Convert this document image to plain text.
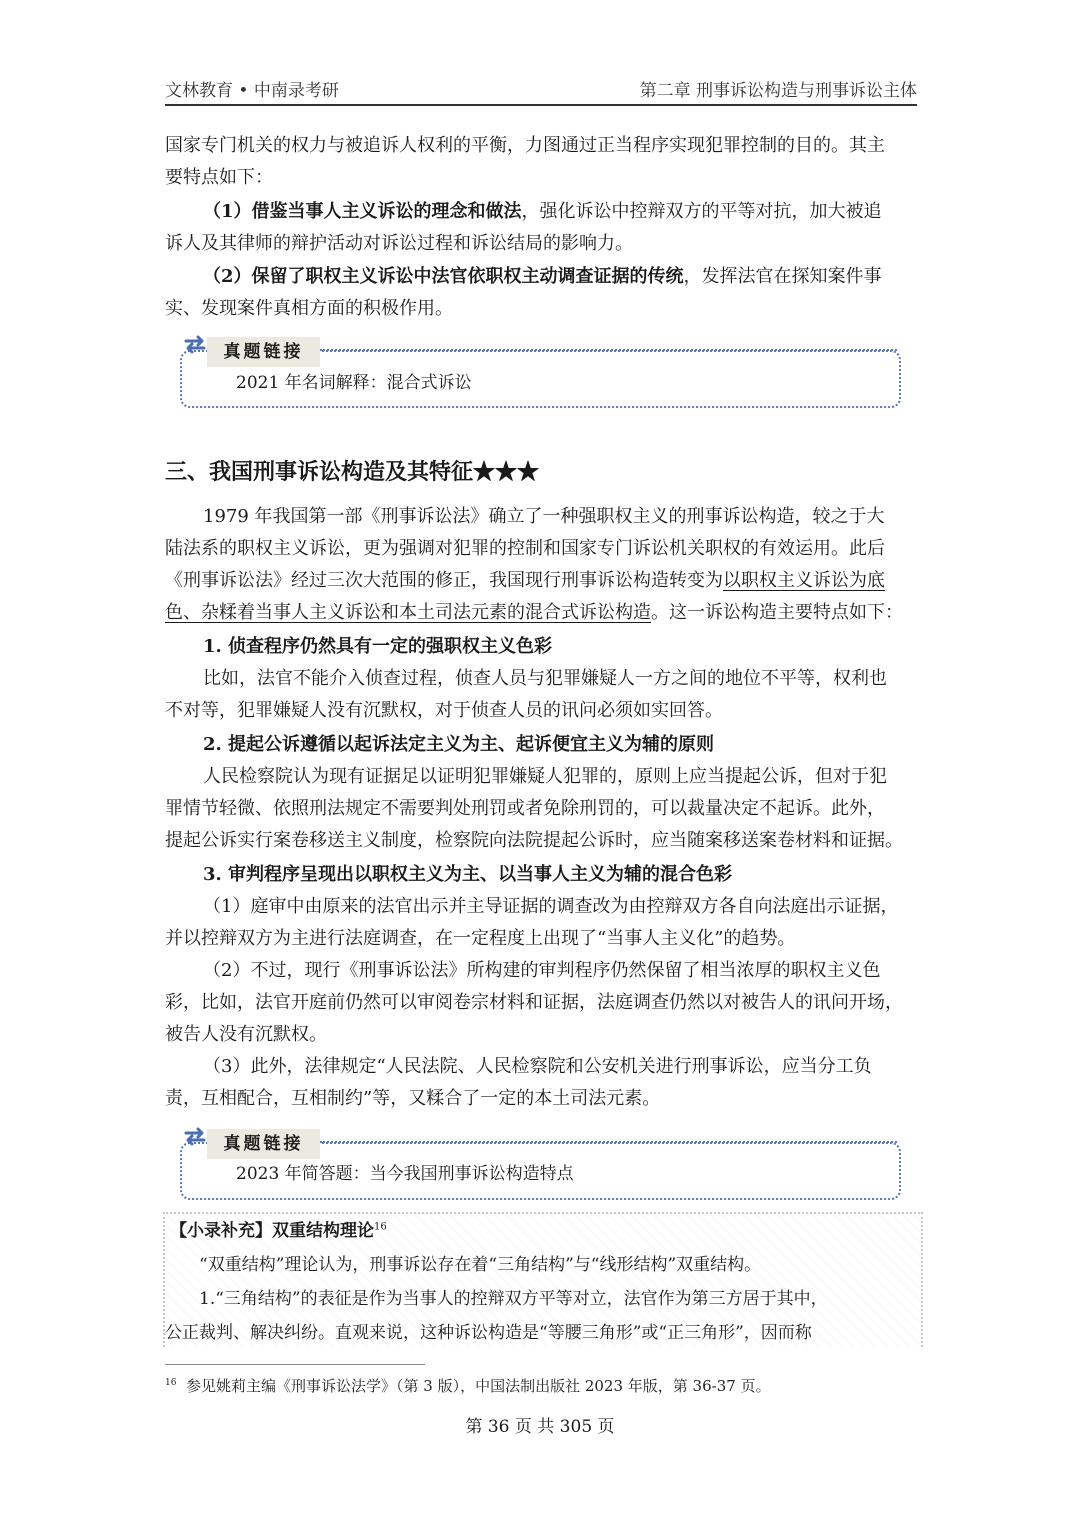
文林教育 • 中南录考研	第二章 刑事诉讼构造与刑事诉讼主体
国家专门机关的权力与被追诉人权利的平衡，力图通过正当程序实现犯罪控制的目的。其主
要特点如下：
（1）借鉴当事人主义诉讼的理念和做法，强化诉讼中控辩双方的平等对抗，加大被追
诉人及其律师的辩护活动对诉讼过程和诉讼结局的影响力。
（2）保留了职权主义诉讼中法官依职权主动调查证据的传统，发挥法官在探知案件事
实、发现案件真相方面的积极作用。
真题链接
2021 年名词解释：混合式诉讼
三、我国刑事诉讼构造及其特征★★★
1979 年我国第一部《刑事诉讼法》确立了一种强职权主义的刑事诉讼构造，较之于大
陆法系的职权主义诉讼，更为强调对犯罪的控制和国家专门诉讼机关职权的有效运用。此后
《刑事诉讼法》经过三次大范围的修正，我国现行刑事诉讼构造转变为以职权主义诉讼为底
色、杂糅着当事人主义诉讼和本土司法元素的混合式诉讼构造。这一诉讼构造主要特点如下：
1. 侦查程序仍然具有一定的强职权主义色彩
比如，法官不能介入侦查过程，侦查人员与犯罪嫌疑人一方之间的地位不平等，权利也
不对等，犯罪嫌疑人没有沉默权，对于侦查人员的讯问必须如实回答。
2. 提起公诉遵循以起诉法定主义为主、起诉便宜主义为辅的原则
人民检察院认为现有证据足以证明犯罪嫌疑人犯罪的，原则上应当提起公诉，但对于犯
罪情节轻微、依照刑法规定不需要判处刑罚或者免除刑罚的，可以裁量决定不起诉。此外，
提起公诉实行案卷移送主义制度，检察院向法院提起公诉时，应当随案移送案卷材料和证据。
3. 审判程序呈现出以职权主义为主、以当事人主义为辅的混合色彩
（1）庭审中由原来的法官出示并主导证据的调查改为由控辩双方各自向法庭出示证据，
并以控辩双方为主进行法庭调查，在一定程度上出现了“当事人主义化”的趋势。
（2）不过，现行《刑事诉讼法》所构建的审判程序仍然保留了相当浓厚的职权主义色
彩，比如，法官开庭前仍然可以审阅卷宗材料和证据，法庭调查仍然以对被告人的讯问开场，
被告人没有沉默权。
（3）此外，法律规定“人民法院、人民检察院和公安机关进行刑事诉讼，应当分工负
责，互相配合，互相制约”等，又糅合了一定的本土司法元素。
真题链接
2023 年简答题：当今我国刑事诉讼构造特点
【小录补充】双重结构理论$^{16}$
“双重结构”理论认为，刑事诉讼存在着“三角结构”与“线形结构”双重结构。
1.“三角结构”的表征是作为当事人的控辩双方平等对立，法官作为第三方居于其中，
公正裁判、解决纠纷。直观来说，这种诉讼构造是“等腰三角形”或“正三角形”，因而称
$^{16}$ 参见姚莉主编《刑事诉讼法学》（第 3 版），中国法制出版社 2023 年版，第 36-37 页。
第 36 页 共 305 页
